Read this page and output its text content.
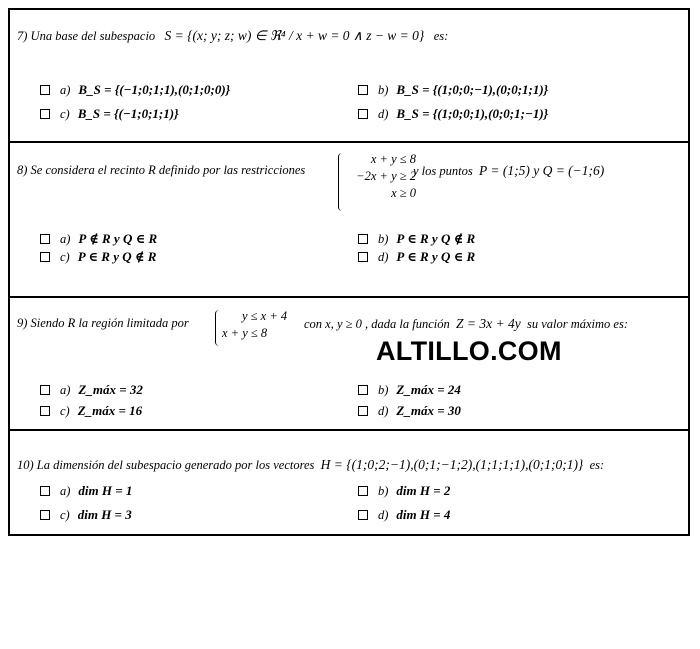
7) Una base del subespacio S = {(x; y; z; w) ∈ ℜ⁴ / x + w = 0 ∧ z − w = 0} es:
a) B_S = {(−1;0;1;1),(0;1;0;0)}	b) B_S = {(1;0;0;−1),(0;0;1;1)}
c) B_S = {(−1;0;1;1)}	d) B_S = {(1;0;0;1),(0;0;1;−1)}
8) Se considera el recinto R definido por las restricciones
x + y ≤ 8
−2x + y ≥ 2
x ≥ 0
y los puntos P = (1;5) y Q = (−1;6)
a) P ∉ R y Q ∈ R	b) P ∈ R y Q ∉ R
c) P ∈ R y Q ∉ R	d) P ∈ R y Q ∈ R
9) Siendo R la región limitada por	y ≤ x + 4
x + y ≤ 8
con x, y ≥ 0 , dada la función Z = 3x + 4y su valor máximo es:
a) Z_máx = 32	b) Z_máx = 24
c) Z_máx = 16	d) Z_máx = 30
10) La dimensión del subespacio generado por los vectores H = {(1;0;2;−1),(0;1;−1;2),(1;1;1;1),(0;1;0;1)} es:
a) dim H = 1	b) dim H = 2
c) dim H = 3	d) dim H = 4
ALTILLO.COM
